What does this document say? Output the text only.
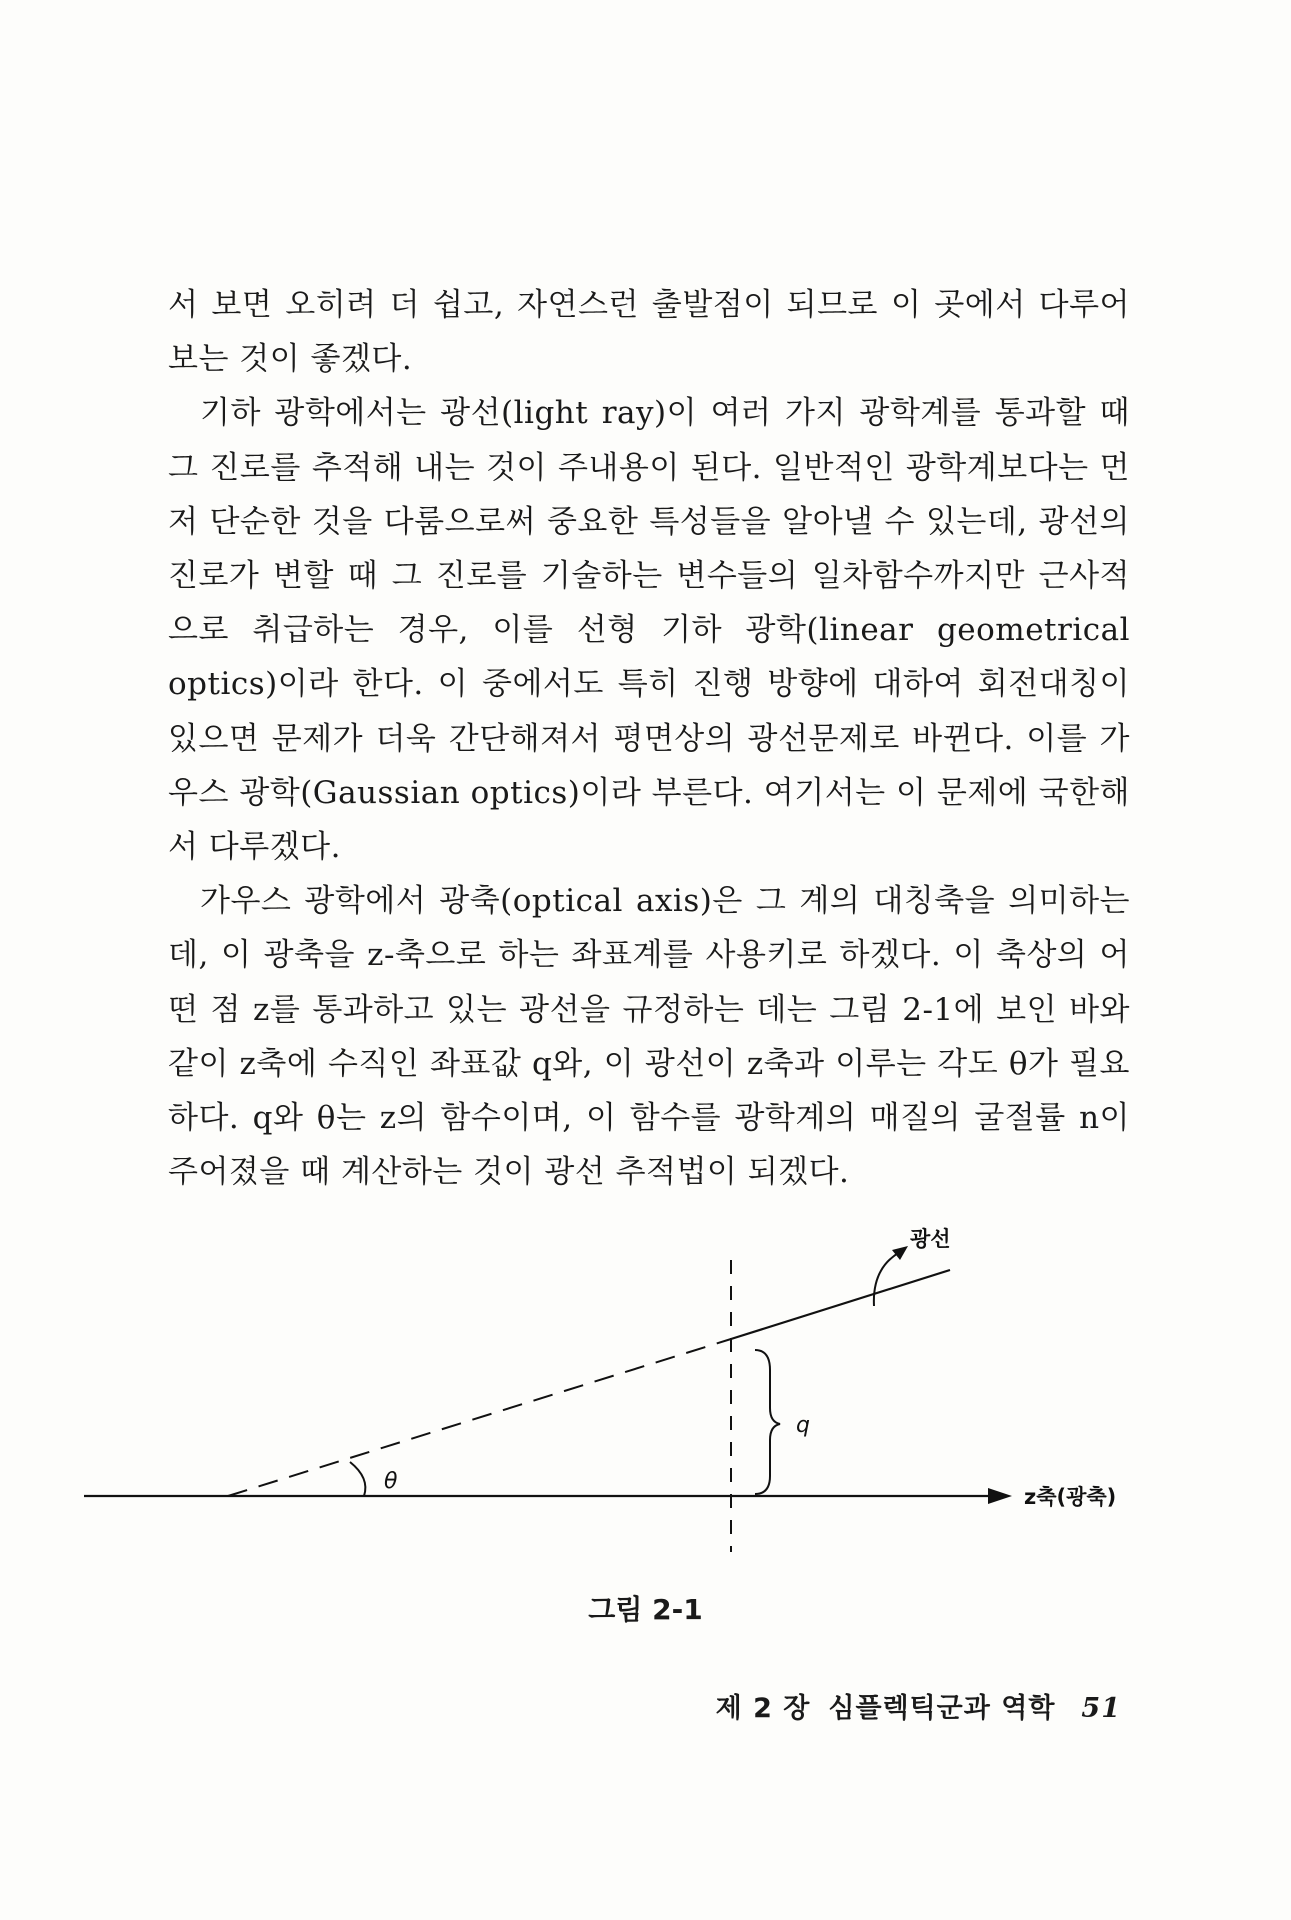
서 보면 오히려 더 쉽고, 자연스런 출발점이 되므로 이 곳에서 다루어 보는 것이 좋겠다.

기하 광학에서는 광선(light ray)이 여러 가지 광학계를 통과할 때 그 진로를 추적해 내는 것이 주내용이 된다. 일반적인 광학계보다는 먼저 단순한 것을 다룸으로써 중요한 특성들을 알아낼 수 있는데, 광선의 진로가 변할 때 그 진로를 기술하는 변수들의 일차함수까지만 근사적으로 취급하는 경우, 이를 선형 기하 광학(linear geometrical optics)이라 한다. 이 중에서도 특히 진행 방향에 대하여 회전대칭이 있으면 문제가 더욱 간단해져서 평면상의 광선문제로 바뀐다. 이를 가우스 광학(Gaussian optics)이라 부른다. 여기서는 이 문제에 국한해서 다루겠다.

가우스 광학에서 광축(optical axis)은 그 계의 대칭축을 의미하는데, 이 광축을 z-축으로 하는 좌표계를 사용키로 하겠다. 이 축상의 어떤 점 z를 통과하고 있는 광선을 규정하는 데는 그림 2-1에 보인 바와 같이 z축에 수직인 좌표값 q와, 이 광선이 z축과 이루는 각도 θ가 필요하다. q와 θ는 z의 함수이며, 이 함수를 광학계의 매질의 굴절률 n이 주어졌을 때 계산하는 것이 광선 추적법이 되겠다.

θ
q
광선
z축(광축)
그림 2-1
제 2 장 심플렉틱군과 역학 51
